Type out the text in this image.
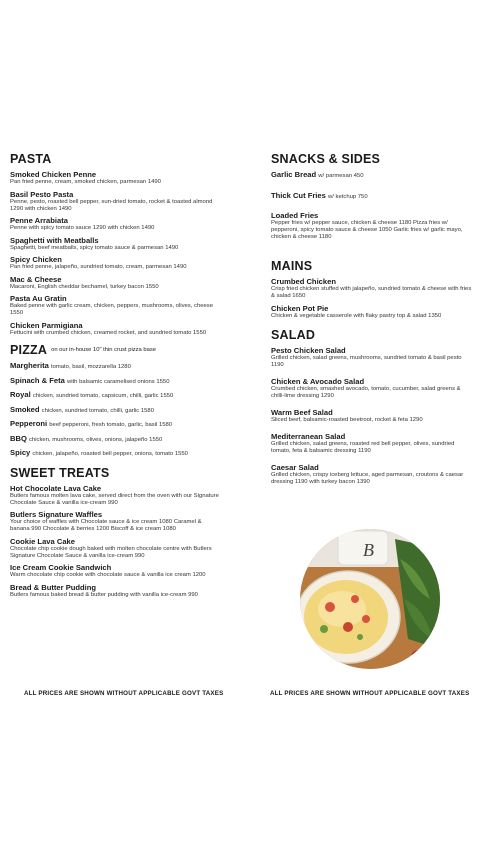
PASTA
Smoked Chicken Penne
Pan fried penne, cream, smoked chicken, parmesan 1490
Basil Pesto Pasta
Penne, pesto, roasted bell pepper, sun-dried tomato, rocket & toasted almond 1290 with chicken 1490
Penne Arrabiata
Penne with spicy tomato sauce 1290 with chicken 1490
Spaghetti with Meatballs
Spaghetti, beef meatballs, spicy tomato sauce & parmesan 1490
Spicy Chicken
Pan fried penne, jalapeño, sundried tomato, cream, parmesan 1490
Mac & Cheese
Macaroni, English cheddar bechamel, turkey bacon 1550
Pasta Au Gratin
Baked penne with garlic cream, chicken, peppers, mushrooms, olives, cheese 1550
Chicken Parmigiana
Fettucini with crumbed chicken, creamed rocket, and sundried tomato 1550
PIZZA on our in-house 10" thin crust pizza base
Margherita tomato, basil, mozzarella 1280
Spinach & Feta with balsamic caramelised onions 1550
Royal chicken, sundried tomato, capsicum, chilli, garlic 1550
Smoked chicken, sundried tomato, chilli, garlic 1580
Pepperoni beef pepperoni, fresh tomato, garlic, basil 1580
BBQ chicken, mushrooms, olives, onions, jalapeño 1550
Spicy chicken, jalapeño, roasted bell pepper, onions, tomato 1550
SWEET TREATS
Hot Chocolate Lava Cake
Butlers famous molten lava cake, served direct from the oven with our Signature Chocolate Sauce & vanilla ice-cream 990
Butlers Signature Waffles
Your choice of waffles with Chocolate sauce & ice cream 1080 Caramel & banana 990 Chocolate & berries 1200 Biscoff & ice cream 1080
Cookie Lava Cake
Chocolate chip cookie dough baked with molten chocolate centre with Butlers Signature Chocolate Sauce & vanilla ice-cream 990
Ice Cream Cookie Sandwich
Warm chocolate chip cookie with chocolate sauce & vanilla ice cream 1200
Bread & Butter Pudding
Butlers famous baked bread & butter pudding with vanilla ice-cream 990
SNACKS & SIDES
Garlic Bread w/ parmesan 450
Thick Cut Fries w/ ketchup 750
Loaded Fries
Pepper fries w/ pepper sauce, chicken & cheese 1180 Pizza fries w/ pepperoni, spicy tomato sauce & cheese 1050 Garlic fries w/ garlic mayo, chicken & cheese 1180
MAINS
Crumbed Chicken
Crisp fried chicken stuffed with jalapeño, sundried tomato & cheese with fries & salad 1650
Chicken Pot Pie
Chicken & vegetable casserole with flaky pastry top & salad 1350
SALAD
Pesto Chicken Salad
Grilled chicken, salad greens, mushrooms, sundried tomato & basil pesto 1190
Chicken & Avocado Salad
Crumbed chicken, smashed avocado, tomato, cucumber, salad greens & chilli-lime dressing 1290
Warm Beef Salad
Sliced beef, balsamic-roasted beetroot, rocket & feta 1290
Mediterranean Salad
Grilled chicken, salad greens, roasted red bell pepper, olives, sundried tomato, feta & balsamic dressing 1190
Caesar Salad
Grilled chicken, crispy iceberg lettuce, aged parmesan, croutons & caesar dressing 1190 with turkey bacon 1390
B
ALL PRICES ARE SHOWN WITHOUT APPLICABLE GOVT TAXES	ALL PRICES ARE SHOWN WITHOUT APPLICABLE GOVT TAXES
